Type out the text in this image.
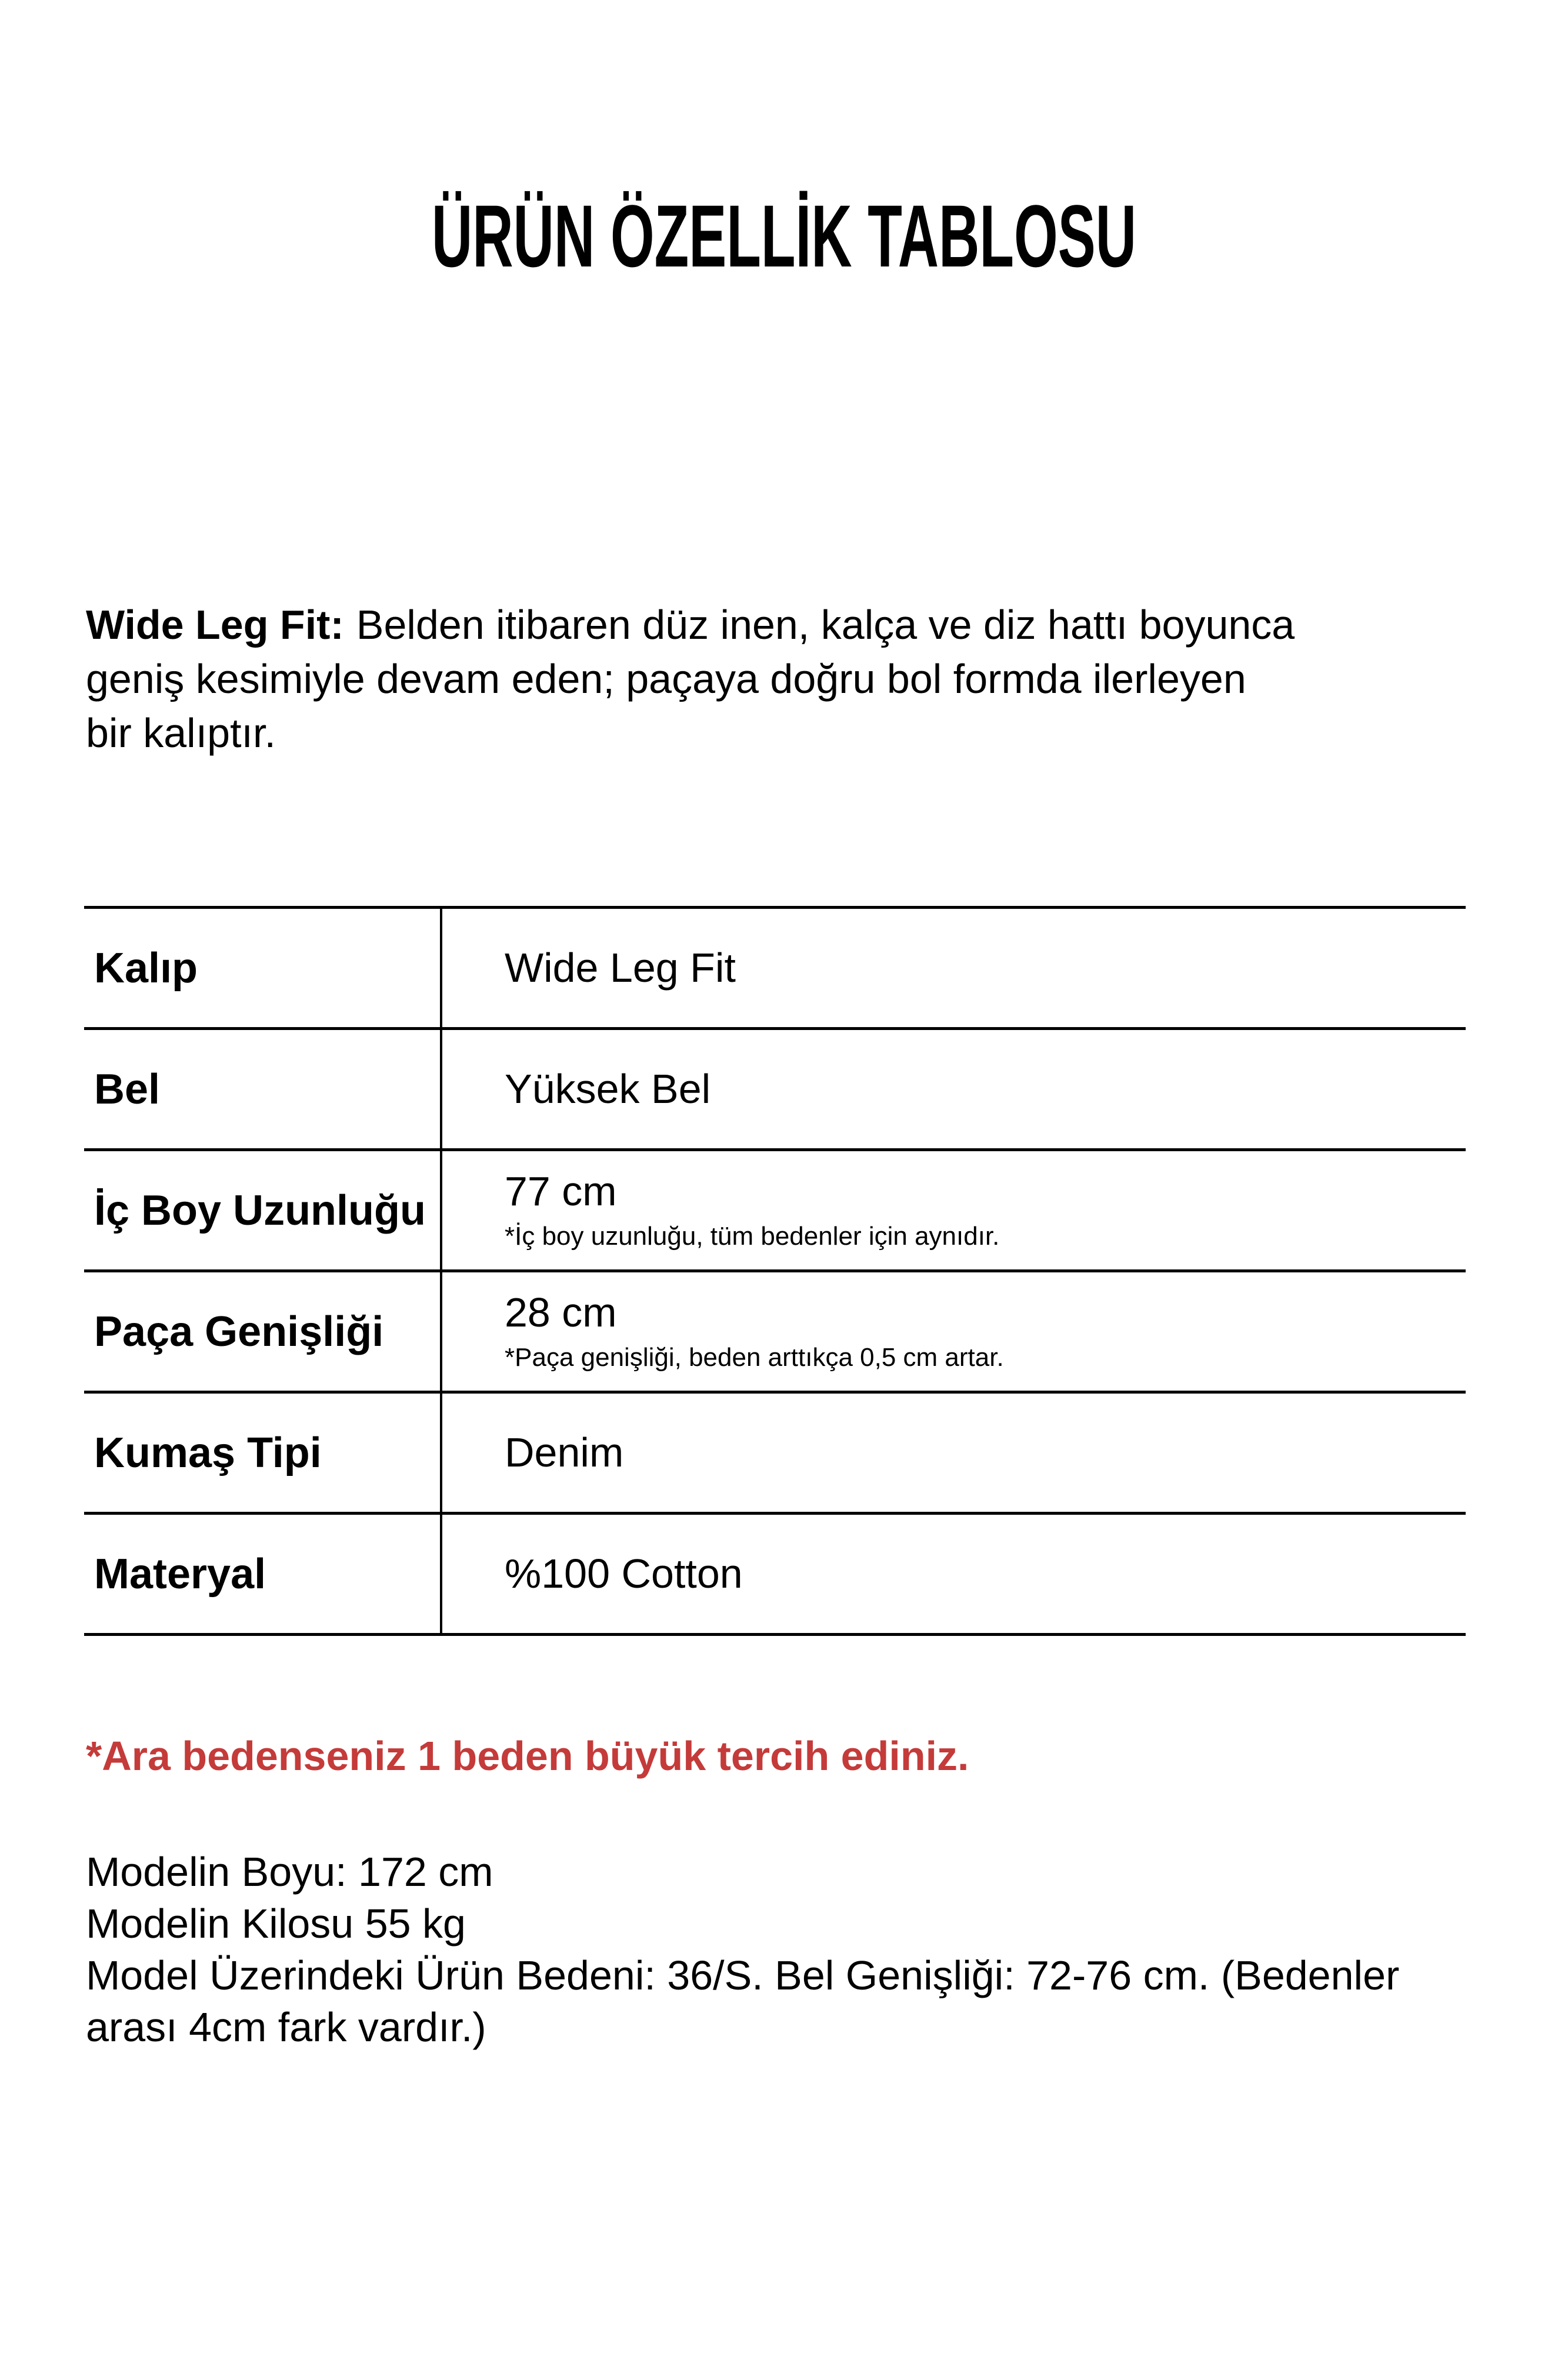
ÜRÜN ÖZELLİK TABLOSU
Wide Leg Fit: Belden itibaren düz inen, kalça ve diz hattı boyunca
geniş kesimiyle devam eden; paçaya doğru bol formda ilerleyen
bir kalıptır.
Kalıp	Wide Leg Fit
Bel	Yüksek Bel
İç Boy Uzunluğu	77 cm
*İç boy uzunluğu, tüm bedenler için aynıdır.
Paça Genişliği	28 cm
*Paça genişliği, beden arttıkça 0,5 cm artar.
Kumaş Tipi	Denim
Materyal	%100 Cotton
*Ara bedenseniz 1 beden büyük tercih ediniz.
Modelin Boyu: 172 cm
Modelin Kilosu 55 kg
Model Üzerindeki Ürün Bedeni: 36/S. Bel Genişliği: 72-76 cm. (Bedenler
arası 4cm fark vardır.)
